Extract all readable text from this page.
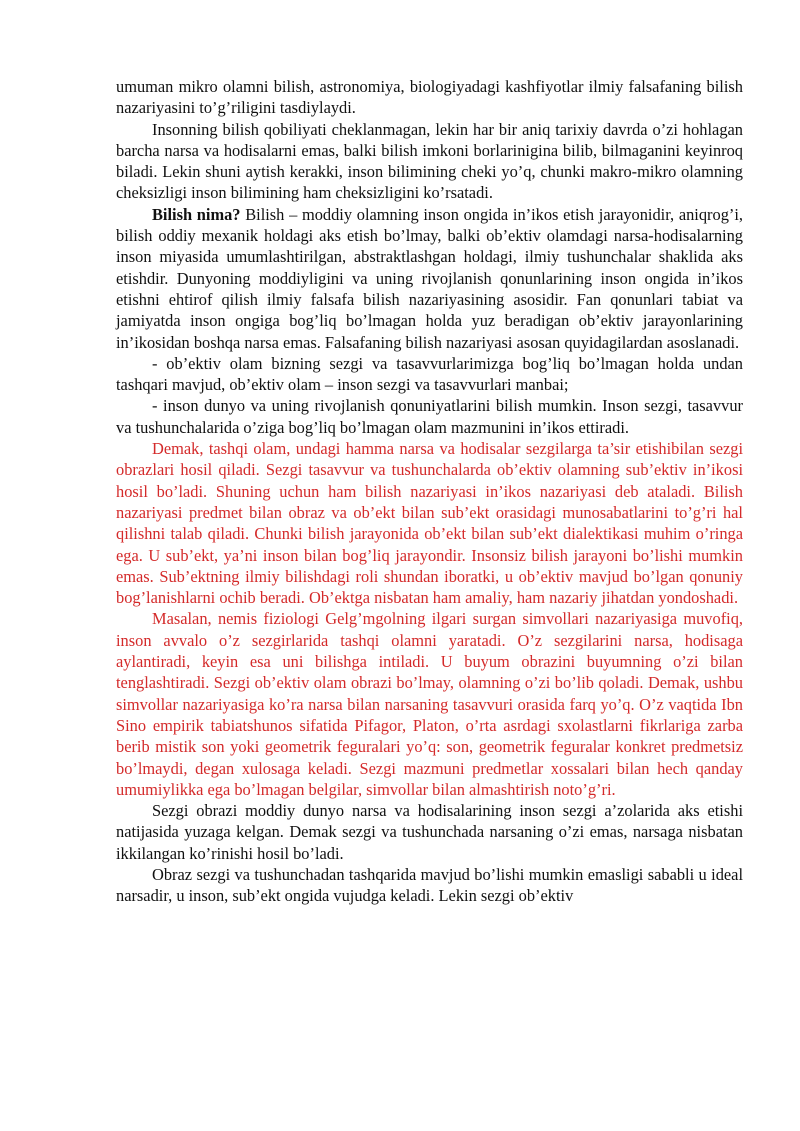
umuman mikro olamni bilish, astronomiya, biologiyadagi kashfiyotlar ilmiy falsafaning bilish nazariyasini to’g’riligini tasdiylaydi.

Insonning bilish qobiliyati cheklanmagan, lekin har bir aniq tarixiy davrda o’zi hohlagan barcha narsa va hodisalarni emas, balki bilish imkoni borlarinigina bilib, bilmaganini keyinroq biladi. Lekin shuni aytish kerakki, inson bilimining cheki yo’q, chunki makro-mikro olamning cheksizligi inson bilimining ham cheksizligini ko’rsatadi.

Bilish nima? Bilish – moddiy olamning inson ongida in’ikos etish jarayonidir, aniqrog’i, bilish oddiy mexanik holdagi aks etish bo’lmay, balki ob’ektiv olamdagi narsa-hodisalarning inson miyasida umumlashtirilgan, abstraktlashgan holdagi, ilmiy tushunchalar shaklida aks etishdir. Dunyoning moddiyligini va uning rivojlanish qonunlarining inson ongida in’ikos etishni ehtirof qilish ilmiy falsafa bilish nazariyasining asosidir. Fan qonunlari tabiat va jamiyatda inson ongiga bog’liq bo’lmagan holda yuz beradigan ob’ektiv jarayonlarining in’ikosidan boshqa narsa emas. Falsafaning bilish nazariyasi asosan quyidagilardan asoslanadi.

- ob’ektiv olam bizning sezgi va tasavvurlarimizga bog’liq bo’lmagan holda undan tashqari mavjud, ob’ektiv olam – inson sezgi va tasavvurlari manbai;

- inson dunyo va uning rivojlanish qonuniyatlarini bilish mumkin. Inson sezgi, tasavvur va tushunchalarida o’ziga bog’liq bo’lmagan olam mazmunini in’ikos ettiradi.

Demak, tashqi olam, undagi hamma narsa va hodisalar sezgilarga ta’sir etishibilan sezgi obrazlari hosil qiladi. Sezgi tasavvur va tushunchalarda ob’ektiv olamning sub’ektiv in’ikosi hosil bo’ladi. Shuning uchun ham bilish nazariyasi in’ikos nazariyasi deb ataladi. Bilish nazariyasi predmet bilan obraz va ob’ekt bilan sub’ekt orasidagi munosabatlarini to’g’ri hal qilishni talab qiladi. Chunki bilish jarayonida ob’ekt bilan sub’ekt dialektikasi muhim o’ringa ega. U sub’ekt, ya’ni inson bilan bog’liq jarayondir. Insonsiz bilish jarayoni bo’lishi mumkin emas. Sub’ektning ilmiy bilishdagi roli shundan iboratki, u ob’ektiv mavjud bo’lgan qonuniy bog’lanishlarni ochib beradi. Ob’ektga nisbatan ham amaliy, ham nazariy jihatdan yondoshadi.

Masalan, nemis fiziologi Gelg’mgolning ilgari surgan simvollari nazariyasiga muvofiq, inson avvalo o’z sezgirlarida tashqi olamni yaratadi. O’z sezgilarini narsa, hodisaga aylantiradi, keyin esa uni bilishga intiladi. U buyum obrazini buyumning o’zi bilan tenglashtiradi. Sezgi ob’ektiv olam obrazi bo’lmay, olamning o’zi bo’lib qoladi. Demak, ushbu simvollar nazariyasiga ko’ra narsa bilan narsaning tasavvuri orasida farq yo’q. O’z vaqtida Ibn Sino empirik tabiatshunos sifatida Pifagor, Platon, o’rta asrdagi sxolastlarni fikrlariga zarba berib mistik son yoki geometrik feguralari yo’q: son, geometrik feguralar konkret predmetsiz bo’lmaydi, degan xulosaga keladi. Sezgi mazmuni predmetlar xossalari bilan hech qanday umumiylikka ega bo’lmagan belgilar, simvollar bilan almashtirish noto’g’ri.

Sezgi obrazi moddiy dunyo narsa va hodisalarining inson sezgi a’zolarida aks etishi natijasida yuzaga kelgan. Demak sezgi va tushunchada narsaning o’zi emas, narsaga nisbatan ikkilangan ko’rinishi hosil bo’ladi.

Obraz sezgi va tushunchadan tashqarida mavjud bo’lishi mumkin emasligi sababli u ideal narsadir, u inson, sub’ekt ongida vujudga keladi. Lekin sezgi ob’ektiv
